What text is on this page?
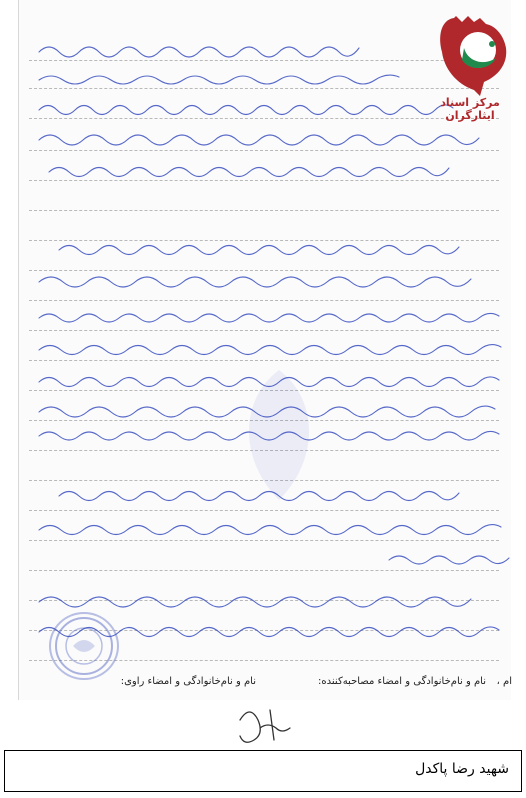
مرکز اسناد ایثارگران
ام ،
نام و نام‌خانوادگی و امضاء مصاحبه‌کننده:
نام و نام‌خانوادگی و امضاء راوی:
شهید رضا پاکدل
